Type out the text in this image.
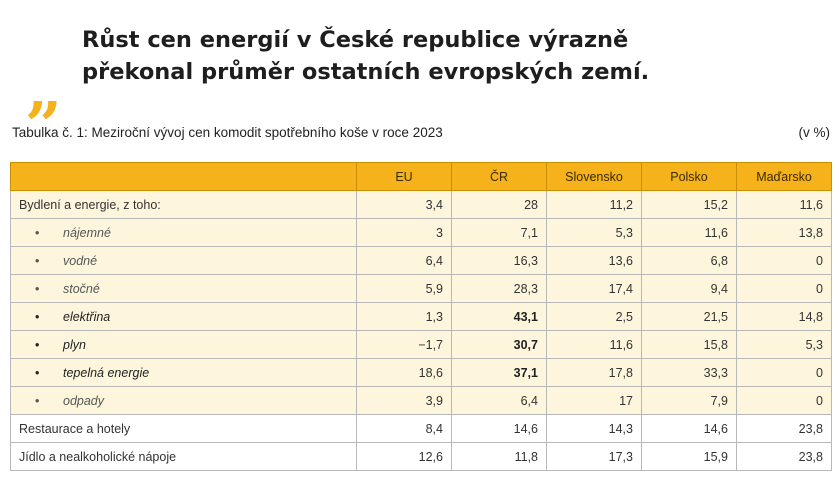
„
Růst cen energií v České republice výrazně
překonal průměr ostatních evropských zemí.
Tabulka č. 1: Meziroční vývoj cen komodit spotřebního koše v roce 2023	(v %)
	EU	ČR	Slovensko	Polsko	Maďarsko
Bydlení a energie, z toho:	3,4	28	11,2	15,2	11,6
• nájemné	3	7,1	5,3	11,6	13,8
• vodné	6,4	16,3	13,6	6,8	0
• stočné	5,9	28,3	17,4	9,4	0
• elektřina	1,3	43,1	2,5	21,5	14,8
• plyn	−1,7	30,7	11,6	15,8	5,3
• tepelná energie	18,6	37,1	17,8	33,3	0
• odpady	3,9	6,4	17	7,9	0
Restaurace a hotely	8,4	14,6	14,3	14,6	23,8
Jídlo a nealkoholické nápoje	12,6	11,8	17,3	15,9	23,8
